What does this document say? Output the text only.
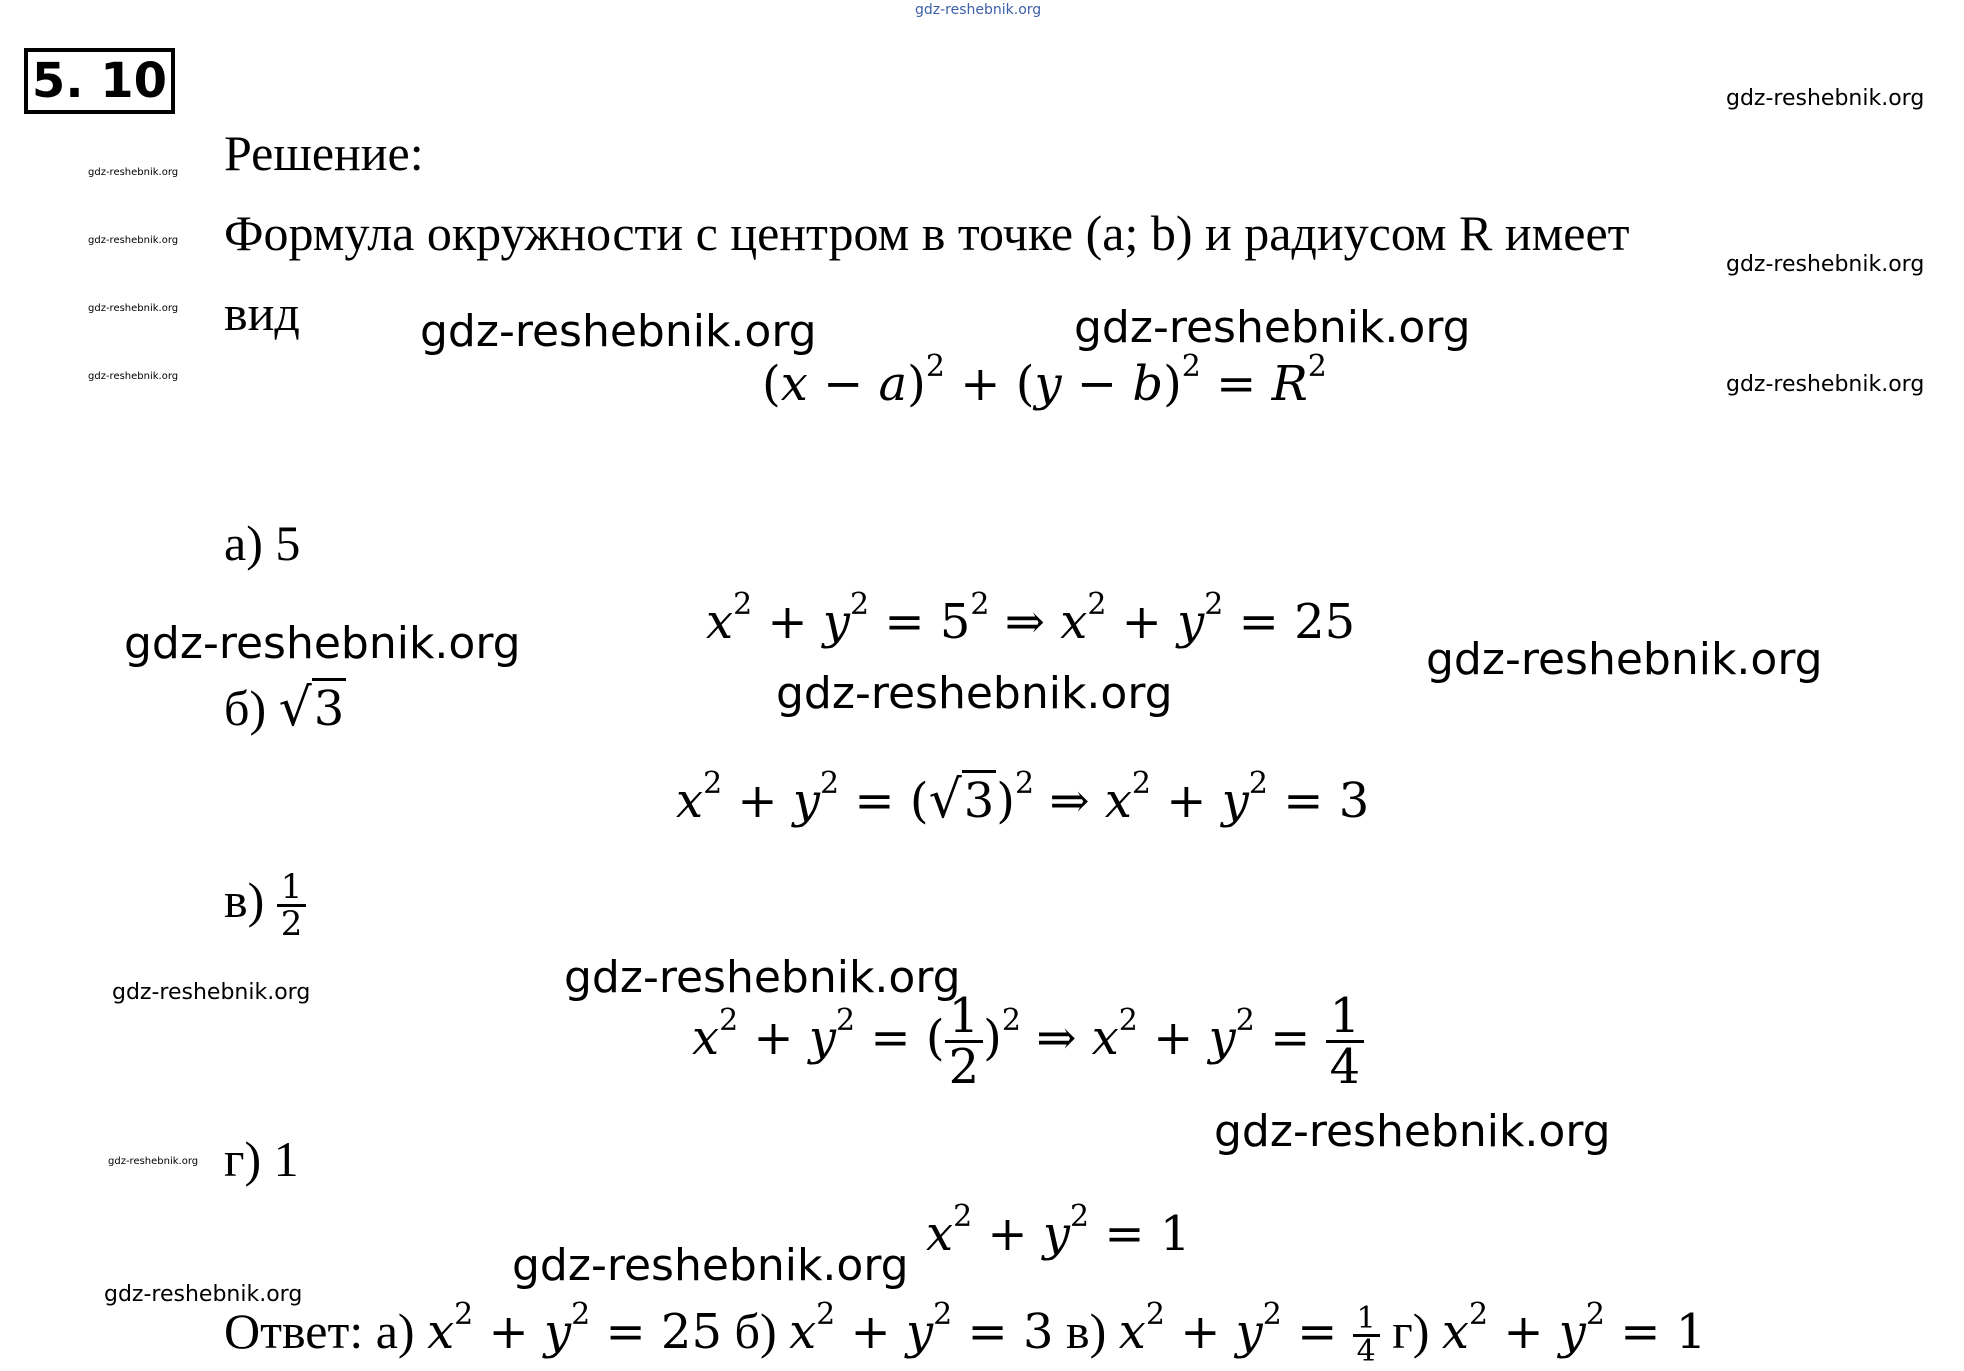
gdz-reshebnik.org
5. 10	gdz-reshebnik.org
gdz-reshebnik.org
gdz-reshebnik.org
gdz-reshebnik.org
gdz-reshebnik.org
gdz-reshebnik.org
gdz-reshebnik.org
Решение:
Формула окружности с центром в точке (a; b) и радиусом R имеет
вид	gdz-reshebnik.org	gdz-reshebnik.org
$(x - a)^2 + (y - b)^2 = R^2$
а) 5
$x^2 + y^2 = 5^2$ ⇒ $x^2 + y^2 = 25$
gdz-reshebnik.org	gdz-reshebnik.org
gdz-reshebnik.org
б) √3
$x^2 + y^2 = (√3)^2$ ⇒ $x^2 + y^2 = 3$
$в) \frac{1}{2}$
gdz-reshebnik.org	gdz-reshebnik.org
$x^2 + y^2$ = ( $\frac{1}{2} )^2$ ⇒ $x^2 + y^2 = \frac{1}{4}$
gdz-reshebnik.org
gdz-reshebnik.org г) 1
$x^2 + y^2 = 1$
gdz-reshebnik.org
gdz-reshebnik.org
Ответ: а) $x^2 + y^2 = 25$ б) $x^2 + y^2 = 3$ в) $x^2 + y^2 = \frac{1}{4} г$) $x^2 + y^2 = 1$
